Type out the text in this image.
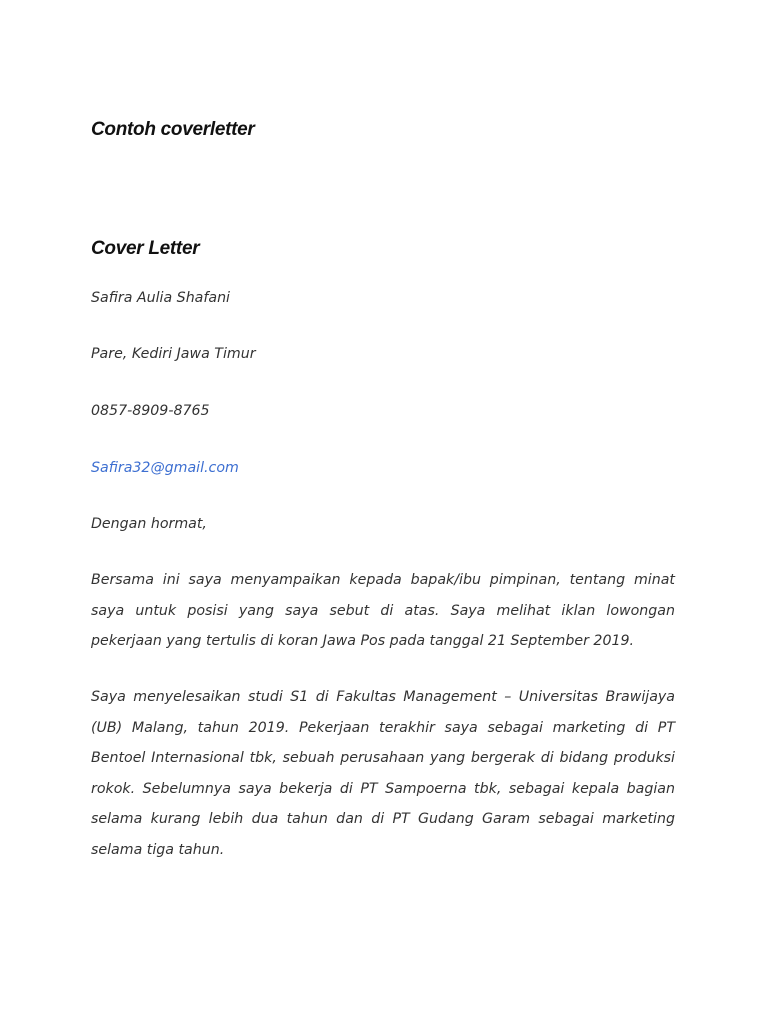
Contoh coverletter
Cover Letter

Safira Aulia Shafani

Pare, Kediri Jawa Timur

0857-8909-8765

Safira32@gmail.com

Dengan hormat,

Bersama ini saya menyampaikan kepada bapak/ibu pimpinan, tentang minat saya untuk posisi yang saya sebut di atas. Saya melihat iklan lowongan pekerjaan yang tertulis di koran Jawa Pos pada tanggal 21 September 2019.

Saya menyelesaikan studi S1 di Fakultas Management – Universitas Brawijaya (UB) Malang, tahun 2019. Pekerjaan terakhir saya sebagai marketing di PT Bentoel Internasional tbk, sebuah perusahaan yang bergerak di bidang produksi rokok. Sebelumnya saya bekerja di PT Sampoerna tbk, sebagai kepala bagian selama kurang lebih dua tahun dan di PT Gudang Garam sebagai marketing selama tiga tahun.
